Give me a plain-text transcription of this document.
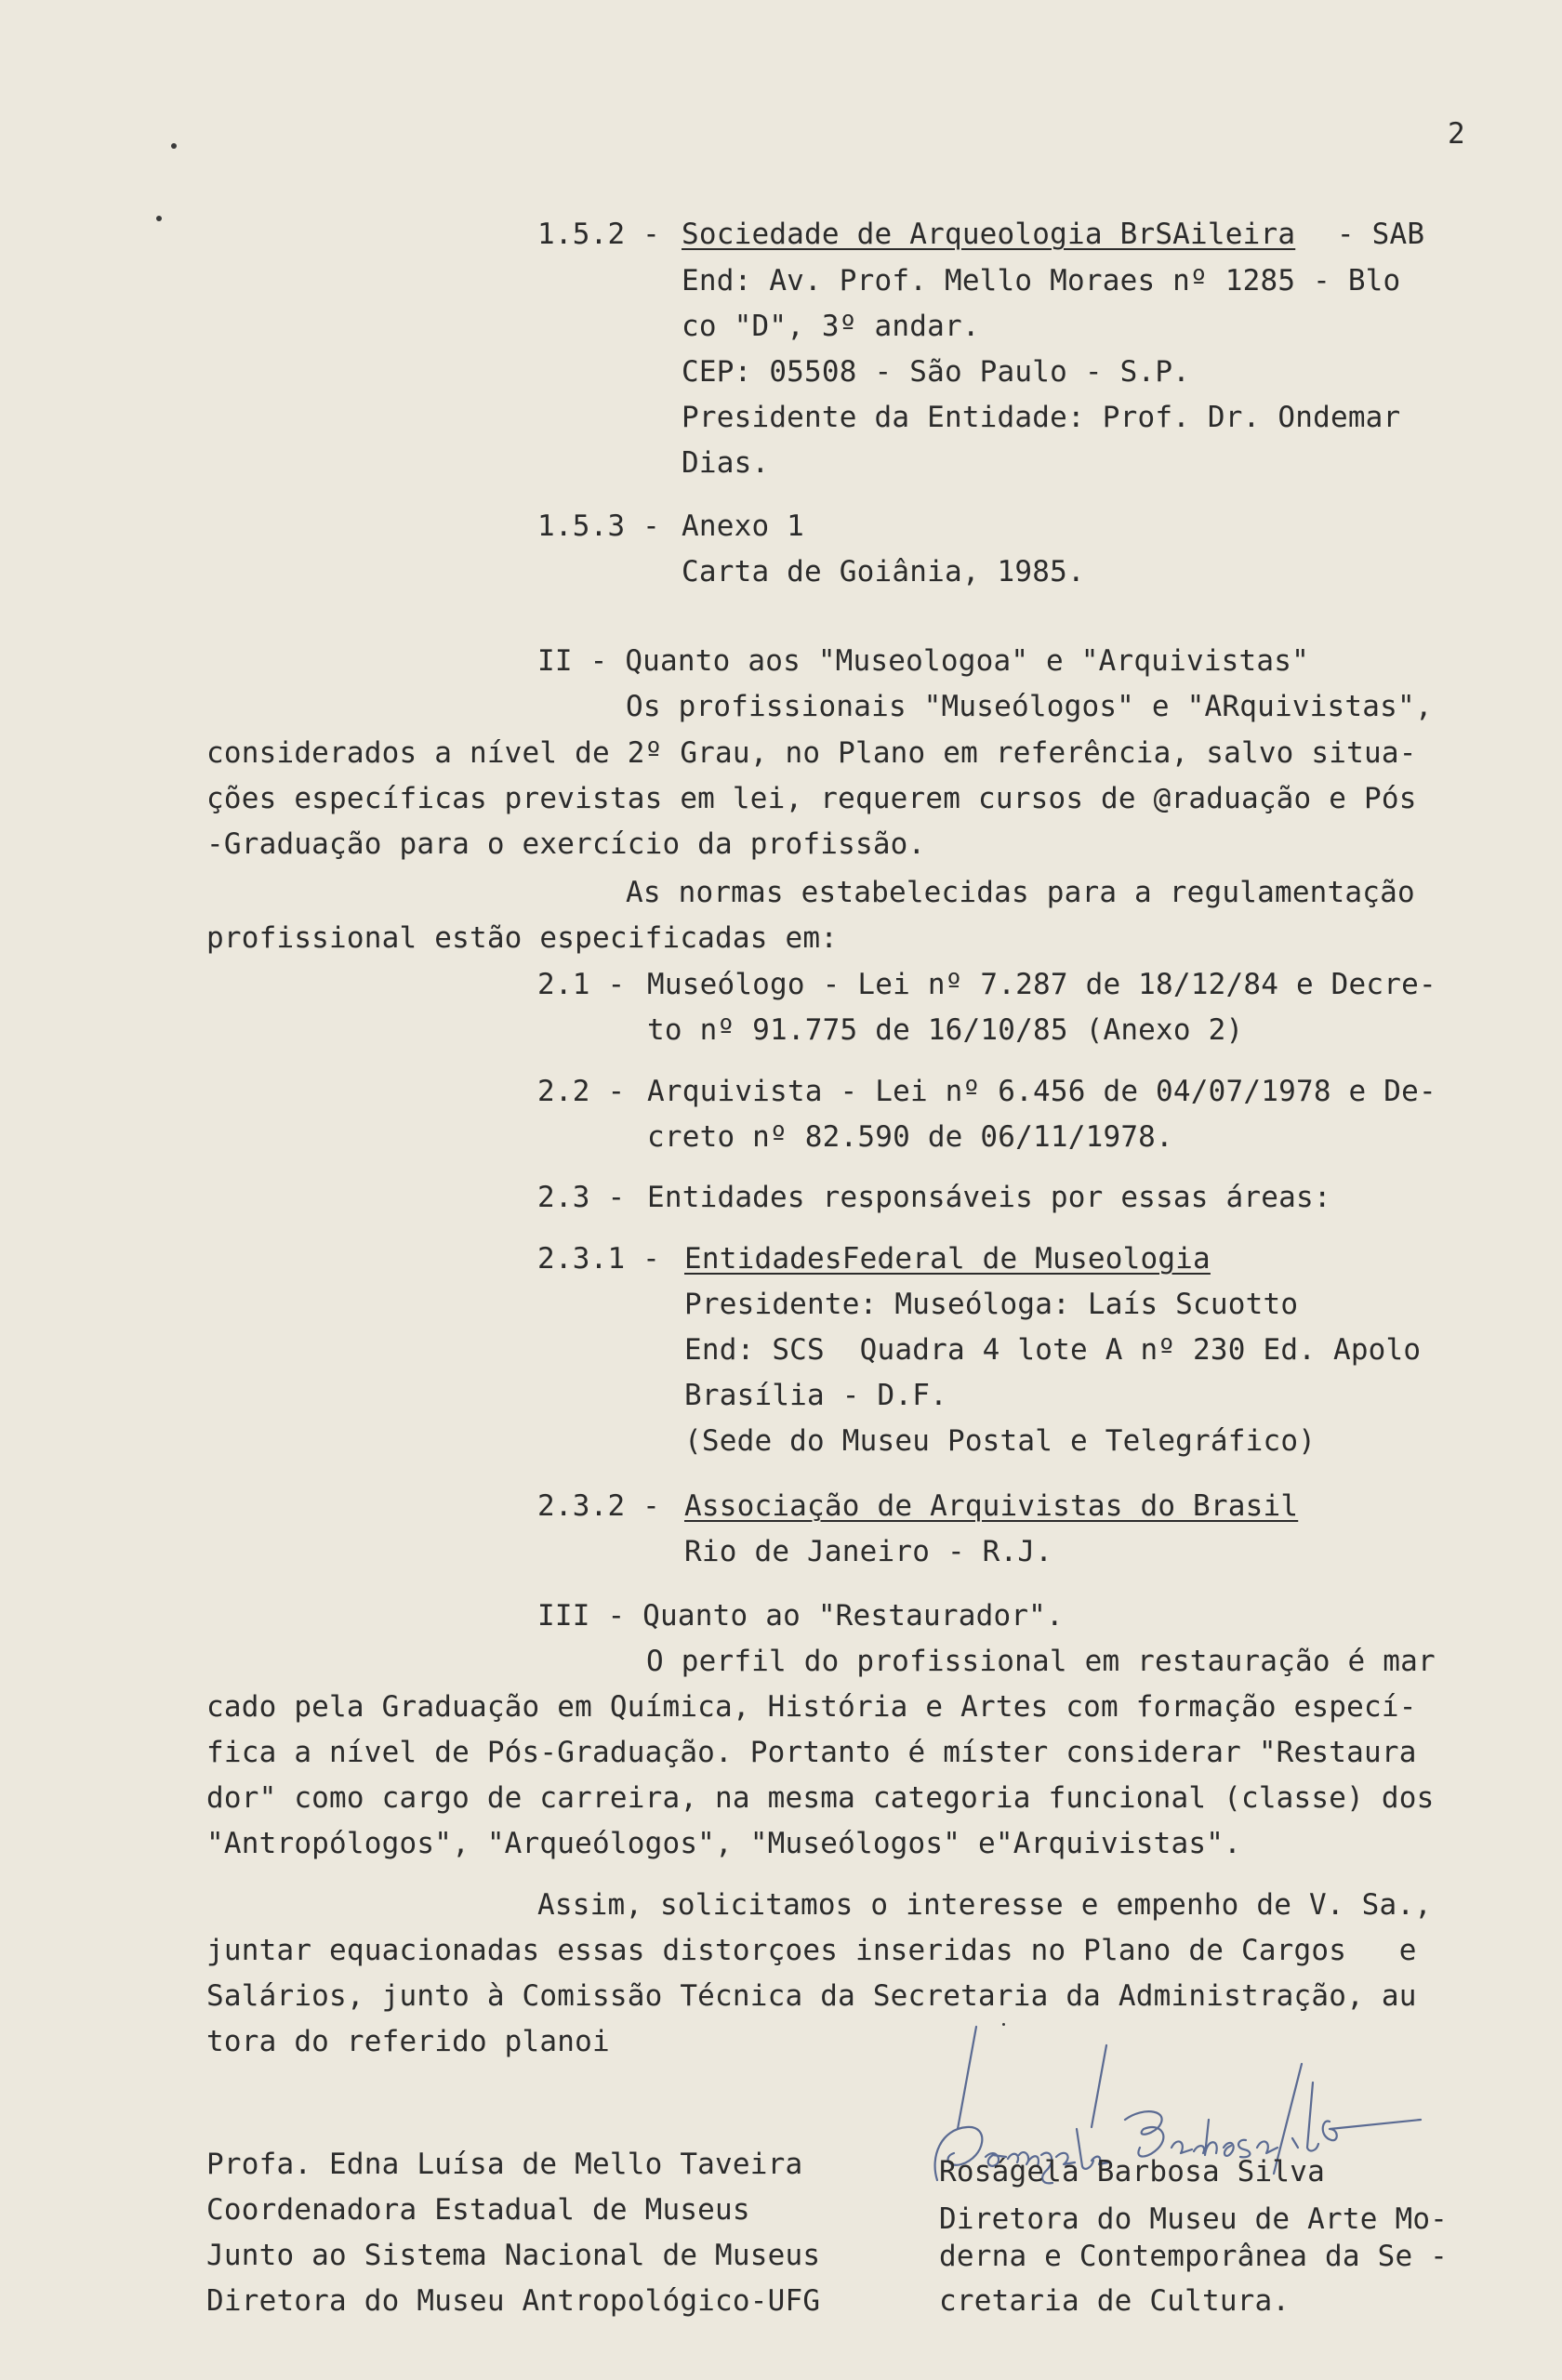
2
1.5.2 - Sociedade de Arqueologia BrSAileira - SAB
End: Av. Prof. Mello Moraes nº 1285 - Blo
co "D", 3º andar.
CEP: 05508 - São Paulo - S.P.
Presidente da Entidade: Prof. Dr. Ondemar
Dias.
1.5.3 - Anexo 1
Carta de Goiânia, 1985.
II - Quanto aos "Museologoa" e "Arquivistas"
Os profissionais "Museólogos" e "ARquivistas",
considerados a nível de 2º Grau, no Plano em referência, salvo situa-
ções específicas previstas em lei, requerem cursos de @raduação e Pós
-Graduação para o exercício da profissão.
As normas estabelecidas para a regulamentação
profissional estão especificadas em:
2.1 - Museólogo - Lei nº 7.287 de 18/12/84 e Decre-
to nº 91.775 de 16/10/85 (Anexo 2)
2.2 - Arquivista - Lei nº 6.456 de 04/07/1978 e De-
creto nº 82.590 de 06/11/1978.
2.3 - Entidades responsáveis por essas áreas:
2.3.1 - EntidadesFederal de Museologia
Presidente: Museóloga: Laís Scuotto
End: SCS  Quadra 4 lote A nº 230 Ed. Apolo
Brasília - D.F.
(Sede do Museu Postal e Telegráfico)
2.3.2 - Associação de Arquivistas do Brasil
Rio de Janeiro - R.J.
III - Quanto ao "Restaurador".
O perfil do profissional em restauração é mar
cado pela Graduação em Química, História e Artes com formação especí-
fica a nível de Pós-Graduação. Portanto é míster considerar "Restaura
dor" como cargo de carreira, na mesma categoria funcional (classe) dos
"Antropólogos", "Arqueólogos", "Museólogos" e"Arquivistas".
Assim, solicitamos o interesse e empenho de V. Sa.,
juntar equacionadas essas distorçoes inseridas no Plano de Cargos   e
Salários, junto à Comissão Técnica da Secretaria da Administração, au
tora do referido planoi
Profa. Edna Luísa de Mello Taveira
Coordenadora Estadual de Museus
Junto ao Sistema Nacional de Museus
Diretora do Museu Antropológico-UFG
Roságela Barbosa Silva
Diretora do Museu de Arte Mo-
derna e Contemporânea da Se -
cretaria de Cultura.
